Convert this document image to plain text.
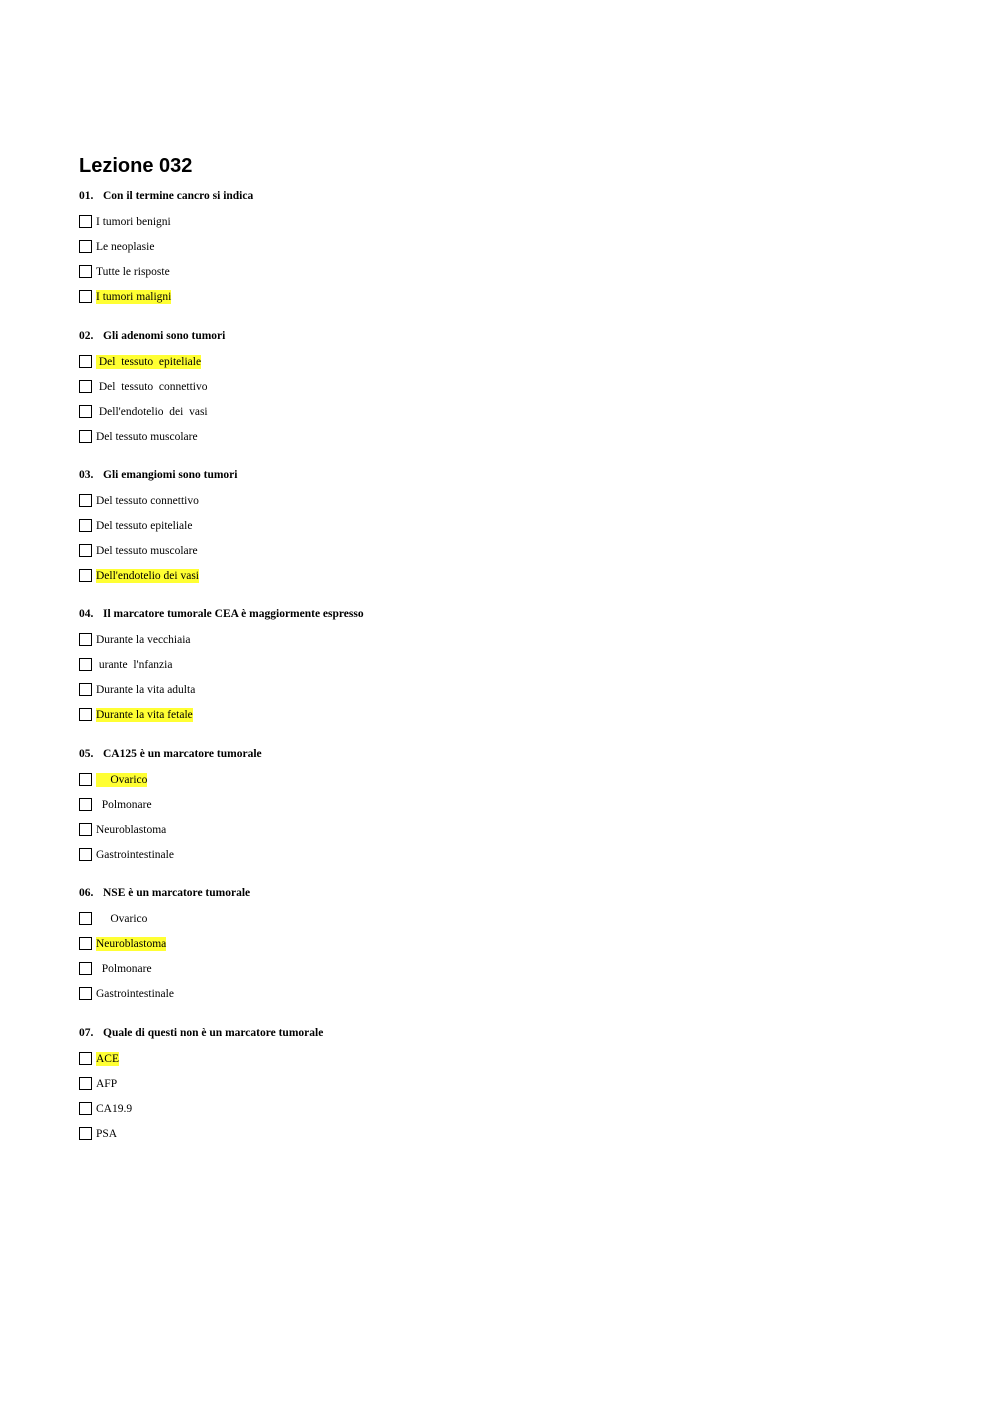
Lezione 032
01. Con il termine cancro si indica
I tumori benigni
Le neoplasie
Tutte le risposte
I tumori maligni
02. Gli adenomi sono tumori
Del  tessuto  epiteliale
Del  tessuto  connettivo
Dell'endotelio  dei  vasi
Del tessuto muscolare
03. Gli emangiomi sono tumori
Del tessuto connettivo
Del tessuto epiteliale
Del tessuto muscolare
Dell'endotelio dei vasi
04. Il marcatore tumorale CEA è maggiormente espresso
Durante la vecchiaia
urante  l'nfanzia
Durante la vita adulta
Durante la vita fetale
05. CA125 è un marcatore tumorale
Ovarico
Polmonare
Neuroblastoma
Gastrointestinale
06. NSE è un marcatore tumorale
Ovarico
Neuroblastoma
Polmonare
Gastrointestinale
07. Quale di questi non è un marcatore tumorale
ACE
AFP
CA19.9
PSA
